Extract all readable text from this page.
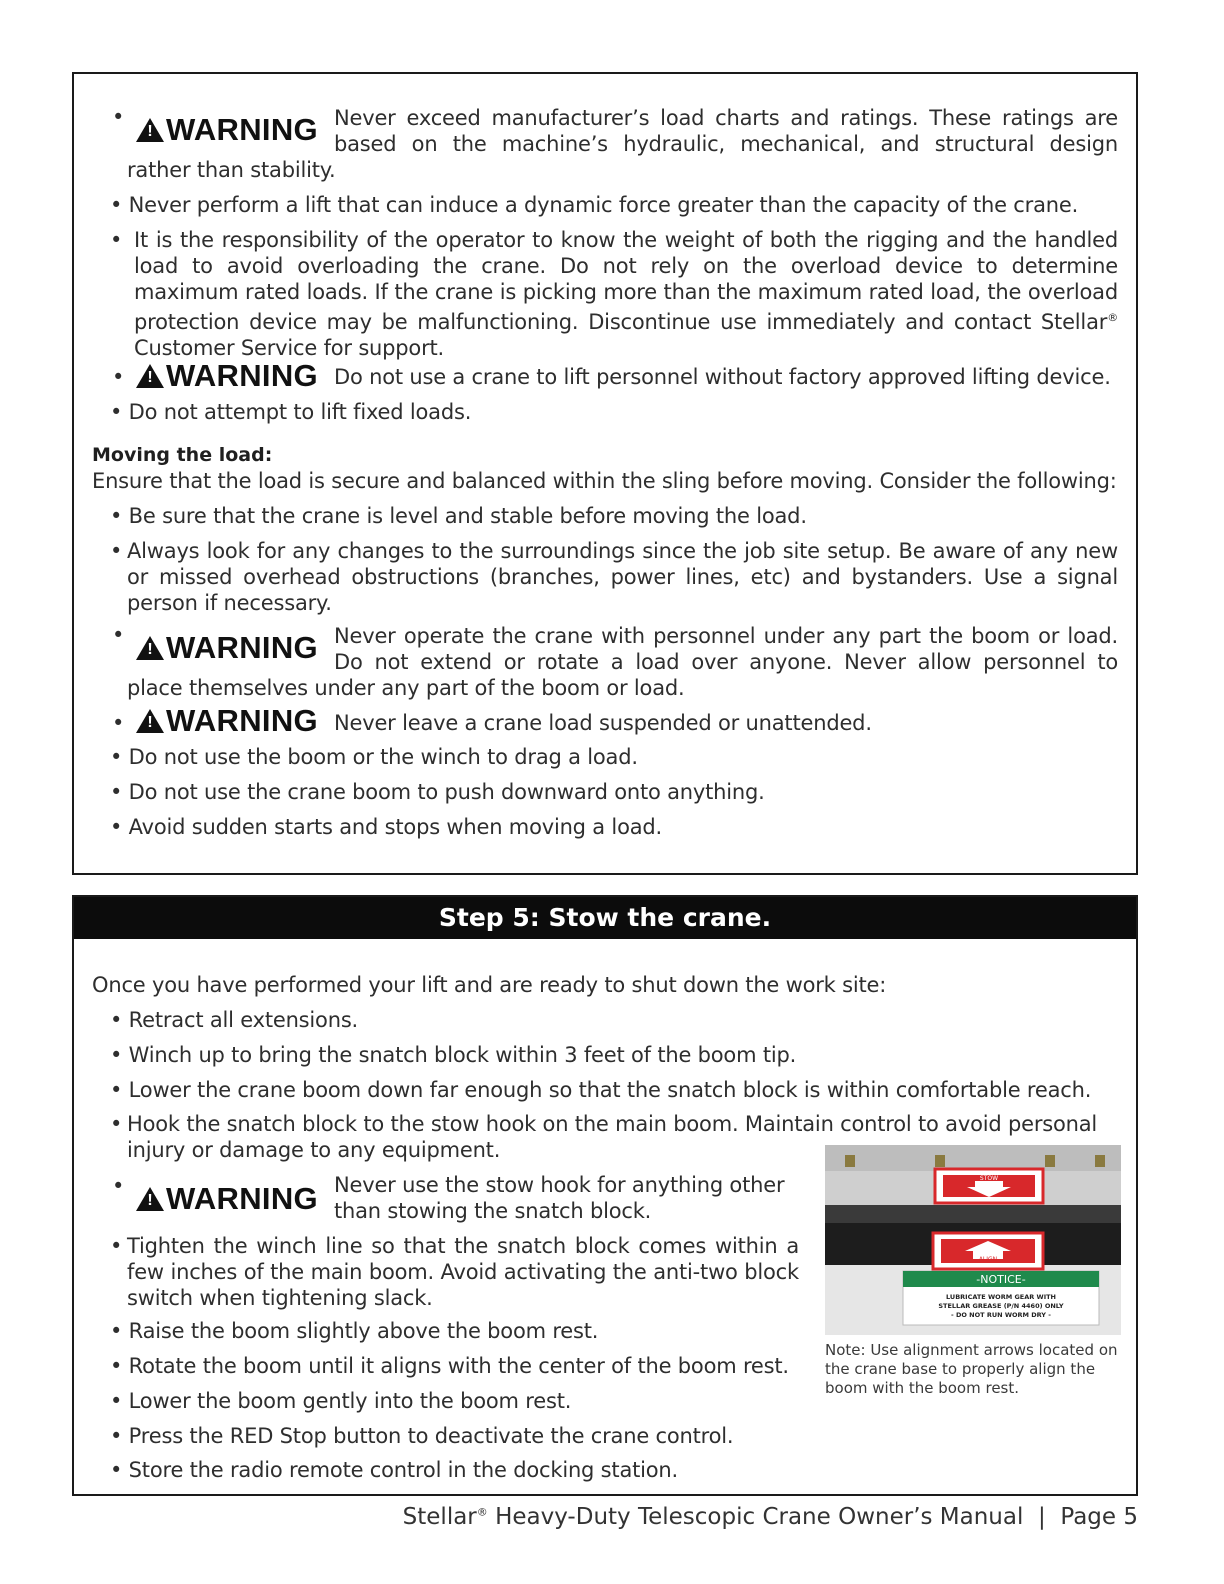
•
! WARNING Never exceed manufacturer’s load charts and ratings. These ratings are
based on the machine’s hydraulic, mechanical, and structural design
rather than stability.
• Never perform a lift that can induce a dynamic force greater than the capacity of the crane.
• It is the responsibility of the operator to know the weight of both the rigging and the handled load to avoid overloading the crane. Do not rely on the overload device to determine maximum rated loads. If the crane is picking more than the maximum rated load, the overload protection device may be malfunctioning. Discontinue use immediately and contact Stellar® Customer Service for support.
• ! WARNING Do not use a crane to lift personnel without factory approved lifting device.
• Do not attempt to lift fixed loads.
Moving the load:
Ensure that the load is secure and balanced within the sling before moving. Consider the following:
• Be sure that the crane is level and stable before moving the load.
• Always look for any changes to the surroundings since the job site setup. Be aware of any new or missed overhead obstructions (branches, power lines, etc) and bystanders. Use a signal person if necessary.
•
! WARNING Never operate the crane with personnel under any part the boom or load.
Do not extend or rotate a load over anyone. Never allow personnel to
place themselves under any part of the boom or load.
• ! WARNING Never leave a crane load suspended or unattended.
• Do not use the boom or the winch to drag a load.
• Do not use the crane boom to push downward onto anything.
• Avoid sudden starts and stops when moving a load.
Step 5: Stow the crane.
Once you have performed your lift and are ready to shut down the work site:
• Retract all extensions.
• Winch up to bring the snatch block within 3 feet of the boom tip.
• Lower the crane boom down far enough so that the snatch block is within comfortable reach.
• Hook the snatch block to the stow hook on the main boom. Maintain control to avoid personal injury or damage to any equipment.
•
! WARNING Never use the stow hook for anything other
than stowing the snatch block.
• Tighten the winch line so that the snatch block comes within a few inches of the main boom. Avoid activating the anti-two block switch when tightening slack.
• Raise the boom slightly above the boom rest.
• Rotate the boom until it aligns with the center of the boom rest.
• Lower the boom gently into the boom rest.
• Press the RED Stop button to deactivate the crane control.
• Store the radio remote control in the docking station.
STOW
ALIGN
-NOTICE-
LUBRICATE WORM GEAR WITH
STELLAR GREASE (P/N 4460) ONLY
- DO NOT RUN WORM DRY -
Note: Use alignment arrows located on the crane base to properly align the boom with the boom rest.
Stellar® Heavy-Duty Telescopic Crane Owner’s Manual | Page 5
